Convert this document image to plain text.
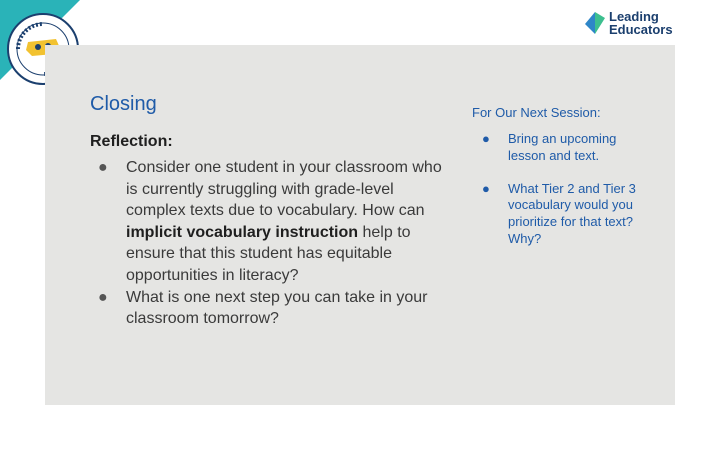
Leading
Educators
Closing
Reflection:
● Consider one student in your classroom who is currently struggling with grade-level complex texts due to vocabulary. How can implicit vocabulary instruction help to ensure that this student has equitable opportunities in literacy?
● What is one next step you can take in your classroom tomorrow?
For Our Next Session:
● Bring an upcoming lesson and text.
● What Tier 2 and Tier 3 vocabulary would you prioritize for that text? Why?
